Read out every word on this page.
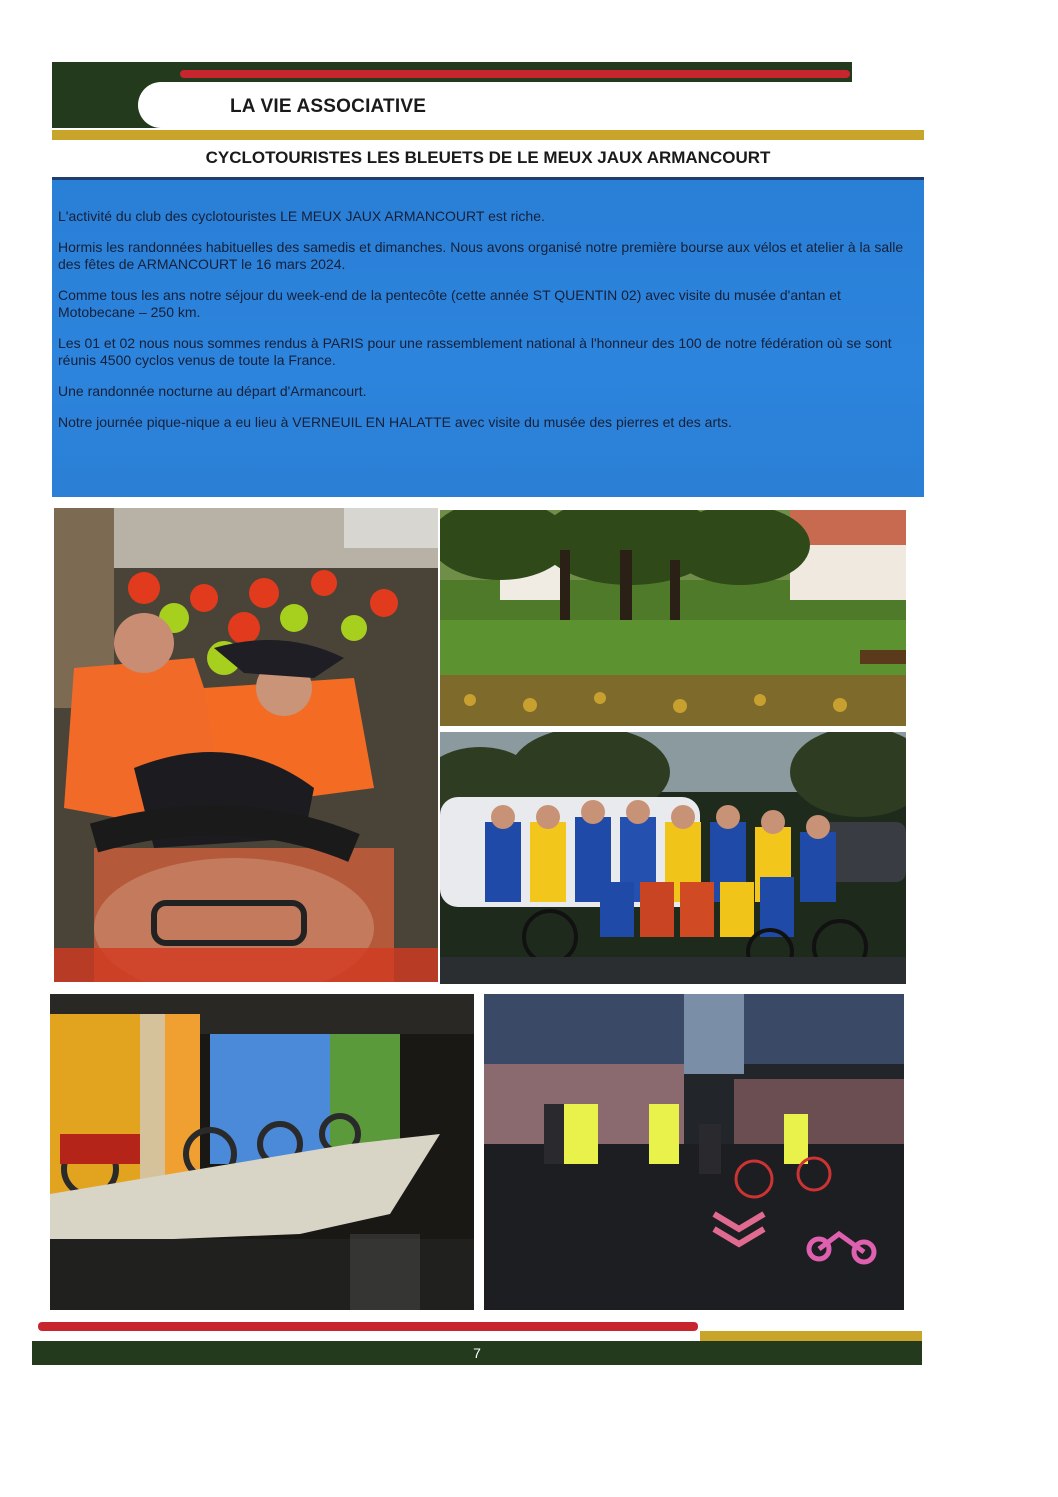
LA VIE ASSOCIATIVE
CYCLOTOURISTES LES BLEUETS DE LE MEUX JAUX ARMANCOURT

L'activité du club des cyclotouristes LE MEUX JAUX ARMANCOURT est riche.

Hormis les randonnées habituelles des samedis et dimanches. Nous avons organisé notre première bourse aux vélos et atelier à la salle des fêtes de ARMANCOURT le 16 mars 2024.

Comme tous les ans notre séjour du week-end de la pentecôte (cette année ST QUENTIN 02) avec visite du musée d'antan et Motobecane – 250 km.

Les 01 et 02 nous nous sommes rendus à PARIS pour une rassemblement national à l'honneur des 100 de notre fédération où se sont réunis 4500 cyclos venus de toute la France.

Une randonnée nocturne au départ d'Armancourt.

Notre journée pique-nique a eu lieu à VERNEUIL EN HALATTE avec visite du musée des pierres et des arts.

7
